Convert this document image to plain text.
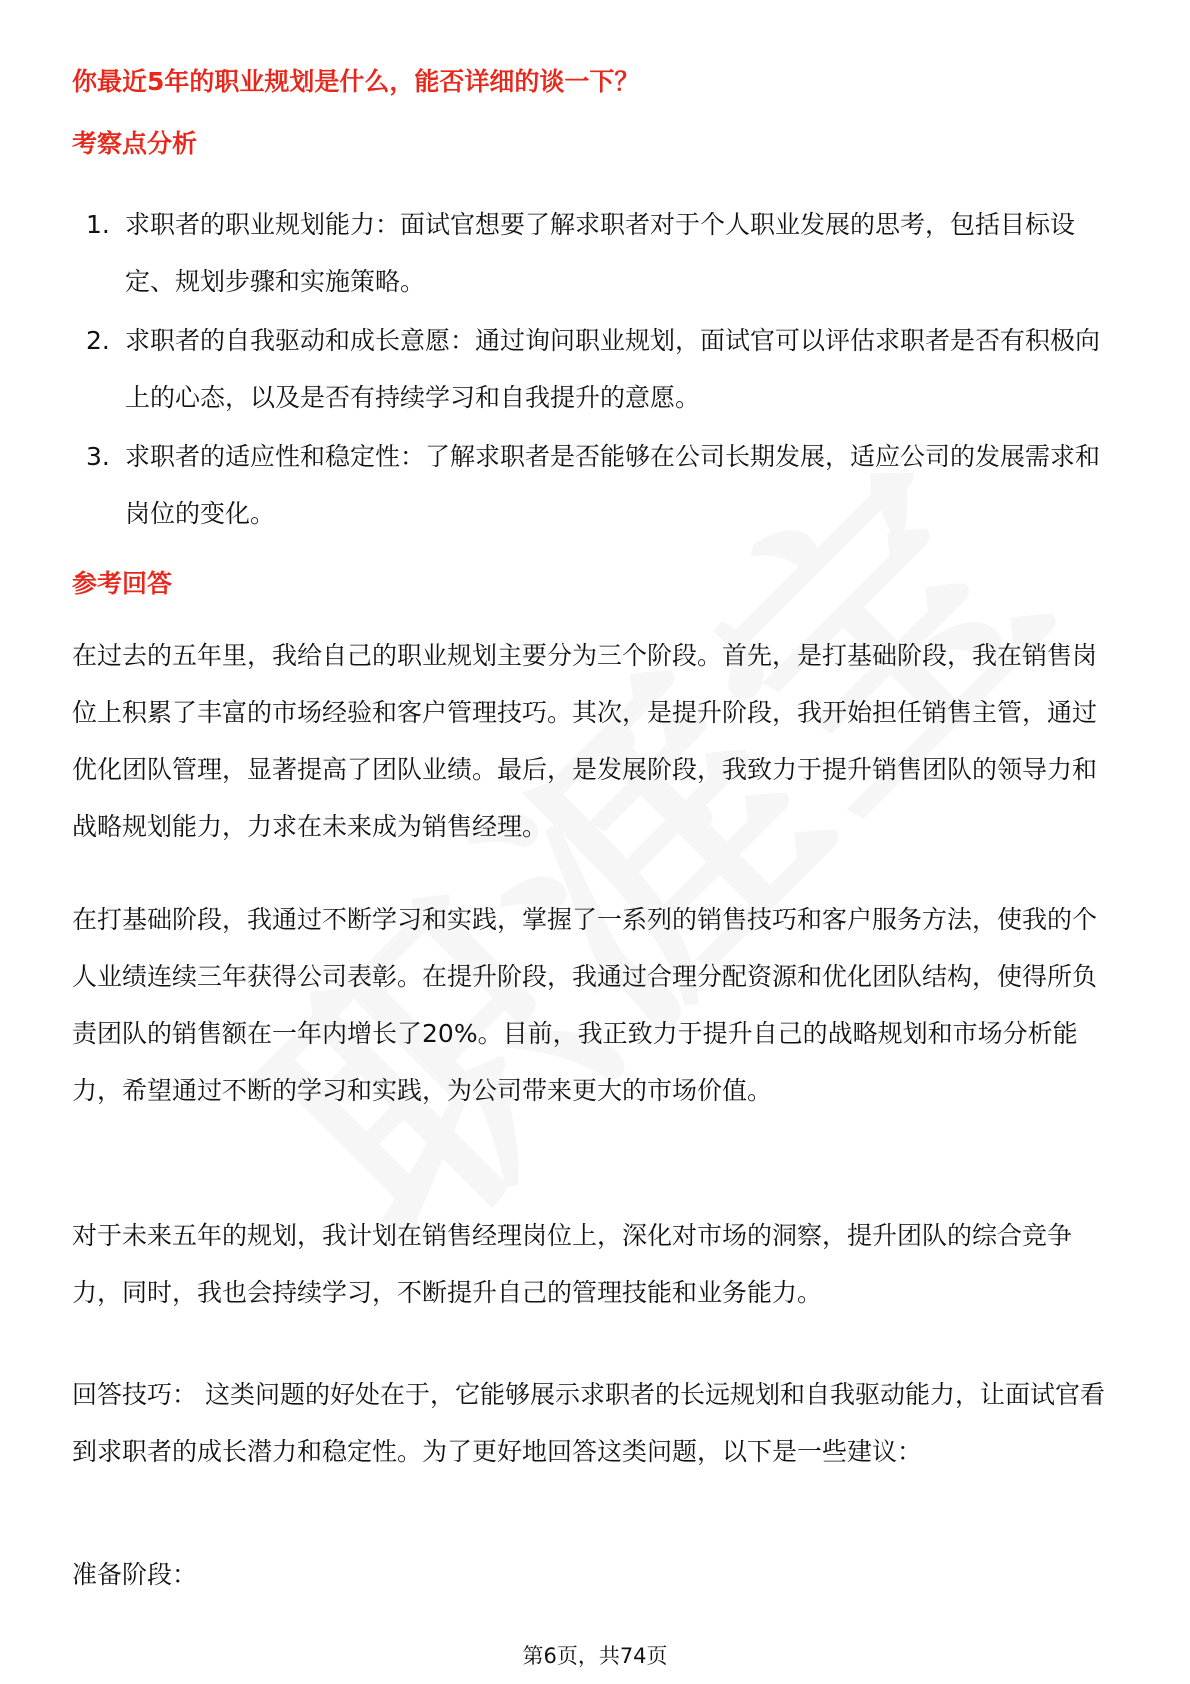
你最近5年的职业规划是什么，能否详细的谈一下？
考察点分析
1. 求职者的职业规划能力：面试官想要了解求职者对于个人职业发展的思考，包括目标设定、规划步骤和实施策略。
2. 求职者的自我驱动和成长意愿：通过询问职业规划，面试官可以评估求职者是否有积极向上的心态，以及是否有持续学习和自我提升的意愿。
3. 求职者的适应性和稳定性：了解求职者是否能够在公司长期发展，适应公司的发展需求和岗位的变化。
参考回答

在过去的五年里，我给自己的职业规划主要分为三个阶段。首先，是打基础阶段，我在销售岗位上积累了丰富的市场经验和客户管理技巧。其次，是提升阶段，我开始担任销售主管，通过优化团队管理，显著提高了团队业绩。最后，是发展阶段，我致力于提升销售团队的领导力和战略规划能力，力求在未来成为销售经理。

在打基础阶段，我通过不断学习和实践，掌握了一系列的销售技巧和客户服务方法，使我的个人业绩连续三年获得公司表彰。在提升阶段，我通过合理分配资源和优化团队结构，使得所负责团队的销售额在一年内增长了20%。目前，我正致力于提升自己的战略规划和市场分析能力，希望通过不断的学习和实践，为公司带来更大的市场价值。

对于未来五年的规划，我计划在销售经理岗位上，深化对市场的洞察，提升团队的综合竞争力，同时，我也会持续学习，不断提升自己的管理技能和业务能力。

回答技巧： 这类问题的好处在于，它能够展示求职者的长远规划和自我驱动能力，让面试官看到求职者的成长潜力和稳定性。为了更好地回答这类问题，以下是一些建议：

准备阶段：

第6页，共74页
